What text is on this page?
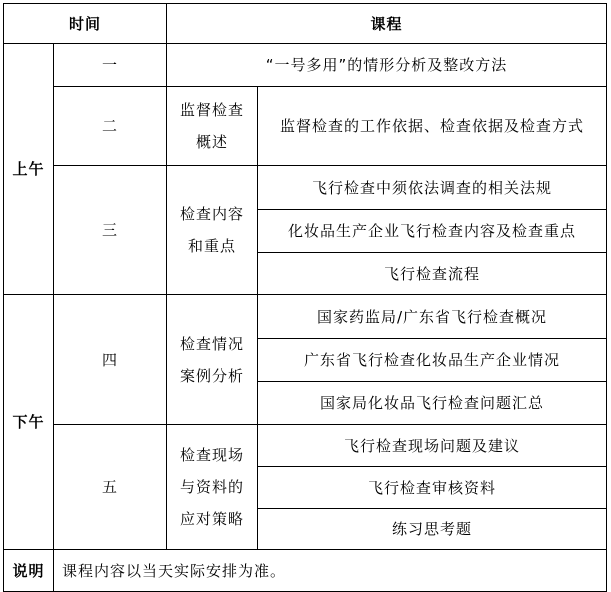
时间		课程	
上午	一	“一号多用”的情形分析及整改方法	
	二	监督检查概述	监督检查的工作依据、检查依据及检查方式
	三	检查内容和重点	飞行检查中须依法调查的相关法规
			化妆品生产企业飞行检查内容及检查重点
			飞行检查流程
下午	四	检查情况案例分析	国家药监局/广东省飞行检查概况
			广东省飞行检查化妆品生产企业情况
			国家局化妆品飞行检查问题汇总
	五	检查现场与资料的应对策略	飞行检查现场问题及建议
			飞行检查审核资料
			练习思考题
说明	课程内容以当天实际安排为准。		
